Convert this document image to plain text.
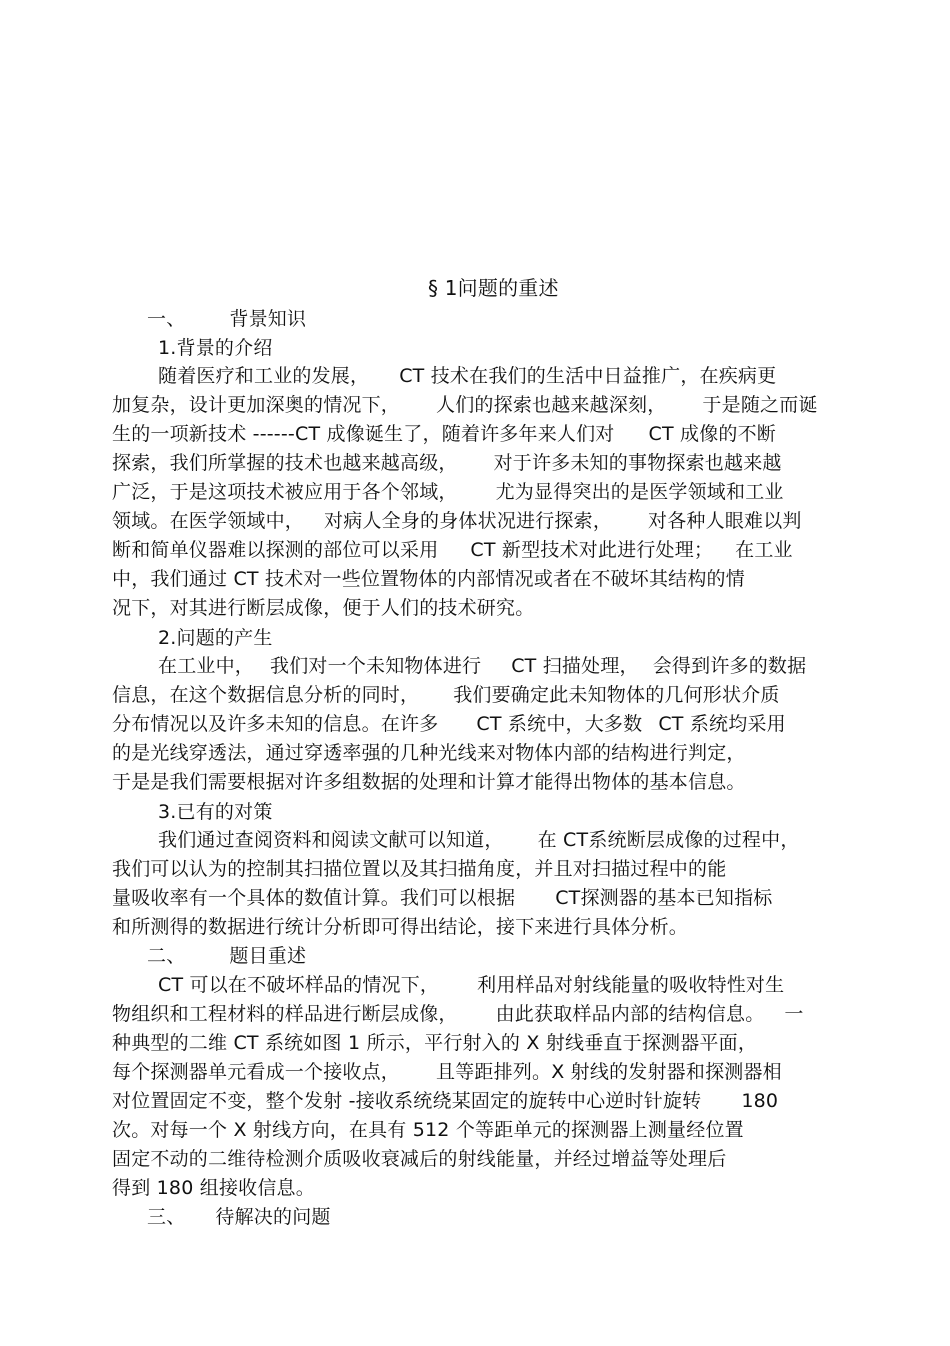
§ 1问题的重述
一、 背景知识
1.背景的介绍
随着医疗和工业的发展， CT 技术在我们的生活中日益推广，在疾病更
加复杂，设计更加深奥的情况下， 人们的探索也越来越深刻， 于是随之而诞
生的一项新技术 ------CT 成像诞生了，随着许多年来人们对 CT 成像的不断
探索，我们所掌握的技术也越来越高级， 对于许多未知的事物探索也越来越
广泛，于是这项技术被应用于各个邻域， 尤为显得突出的是医学领域和工业
领域。在医学领域中， 对病人全身的身体状况进行探索， 对各种人眼难以判
断和简单仪器难以探测的部位可以采用 CT 新型技术对此进行处理； 在工业
中，我们通过 CT 技术对一些位置物体的内部情况或者在不破坏其结构的情
况下，对其进行断层成像，便于人们的技术研究。
2.问题的产生
在工业中， 我们对一个未知物体进行 CT 扫描处理， 会得到许多的数据
信息，在这个数据信息分析的同时， 我们要确定此未知物体的几何形状介质
分布情况以及许多未知的信息。在许多 CT 系统中，大多数 CT 系统均采用
的是光线穿透法，通过穿透率强的几种光线来对物体内部的结构进行判定，
于是是我们需要根据对许多组数据的处理和计算才能得出物体的基本信息。
3.已有的对策
我们通过查阅资料和阅读文献可以知道， 在 CT系统断层成像的过程中，
我们可以认为的控制其扫描位置以及其扫描角度，并且对扫描过程中的能
量吸收率有一个具体的数值计算。我们可以根据 CT探测器的基本已知指标
和所测得的数据进行统计分析即可得出结论，接下来进行具体分析。
二、 题目重述
CT 可以在不破坏样品的情况下， 利用样品对射线能量的吸收特性对生
物组织和工程材料的样品进行断层成像， 由此获取样品内部的结构信息。 一
种典型的二维 CT 系统如图 1 所示，平行射入的 X 射线垂直于探测器平面，
每个探测器单元看成一个接收点， 且等距排列。X 射线的发射器和探测器相
对位置固定不变，整个发射 -接收系统绕某固定的旋转中心逆时针旋转 180
次。对每一个 X 射线方向，在具有 512 个等距单元的探测器上测量经位置
固定不动的二维待检测介质吸收衰减后的射线能量，并经过增益等处理后
得到 180 组接收信息。
三、 待解决的问题
